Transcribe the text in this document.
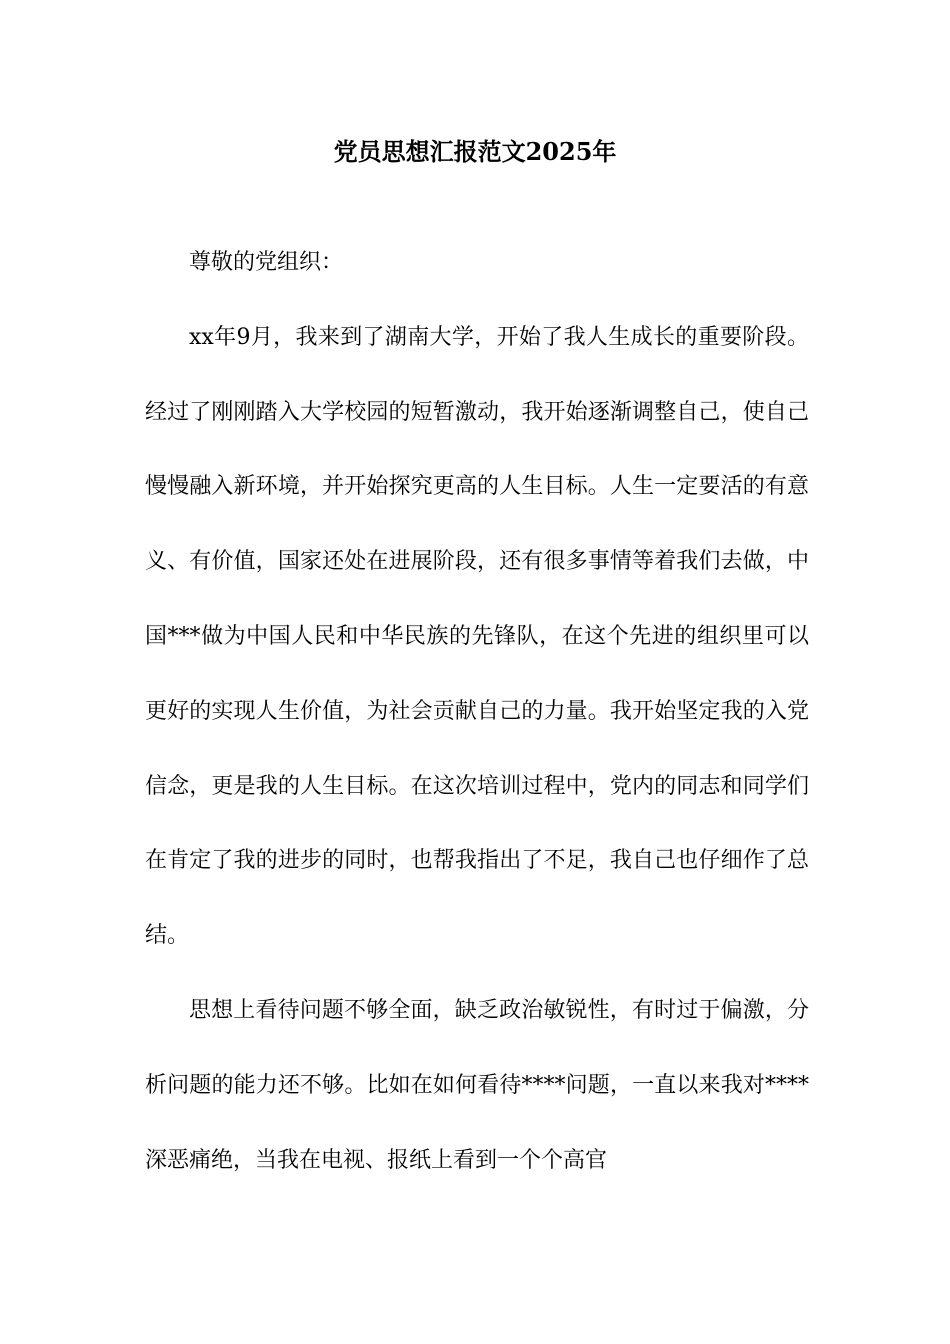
党员思想汇报范文2025年

尊敬的党组织：

xx年9月，我来到了湖南大学，开始了我人生成长的重要阶段。经过了刚刚踏入大学校园的短暂激动，我开始逐渐调整自己，使自己慢慢融入新环境，并开始探究更高的人生目标。人生一定要活的有意义、有价值，国家还处在进展阶段，还有很多事情等着我们去做，中国***做为中国人民和中华民族的先锋队，在这个先进的组织里可以更好的实现人生价值，为社会贡献自己的力量。我开始坚定我的入党信念，更是我的人生目标。在这次培训过程中，党内的同志和同学们在肯定了我的进步的同时，也帮我指出了不足，我自己也仔细作了总结。

思想上看待问题不够全面，缺乏政治敏锐性，有时过于偏激，分析问题的能力还不够。比如在如何看待****问题，一直以来我对****深恶痛绝，当我在电视、报纸上看到一个个高官
